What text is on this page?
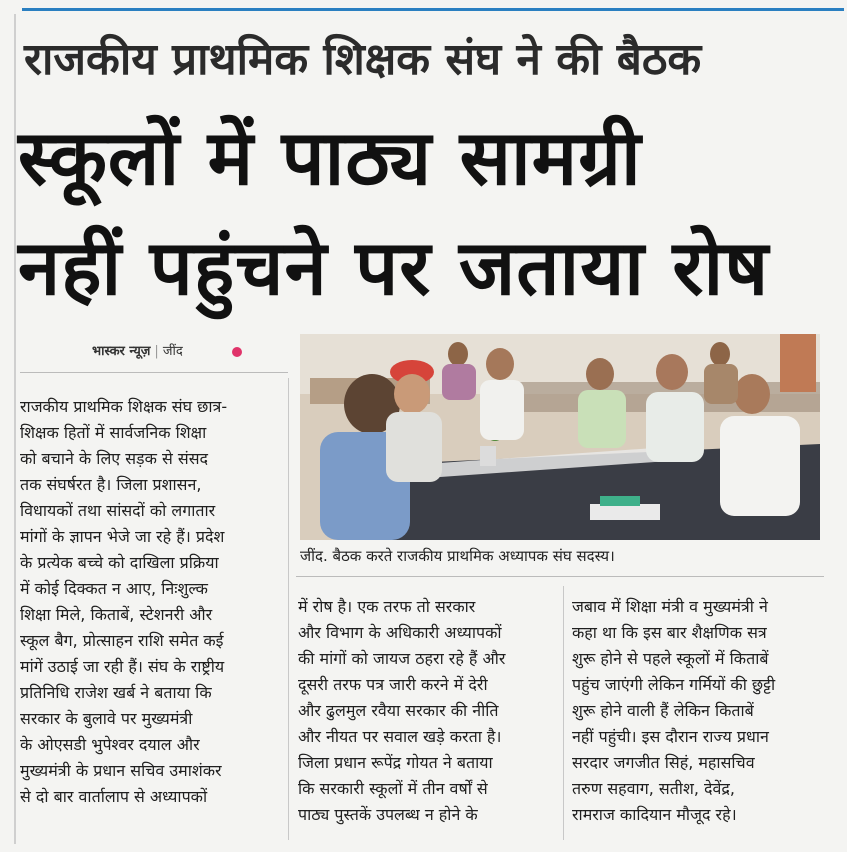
राजकीय प्राथमिक शिक्षक संघ ने की बैठक
स्कूलों में पाठ्य सामग्री
नहीं पहुंचने पर जताया रोष
भास्कर न्यूज़ | जींद
जींद. बैठक करते राजकीय प्राथमिक अध्यापक संघ सदस्य।
राजकीय प्राथमिक शिक्षक संघ छात्र-
शिक्षक हितों में सार्वजनिक शिक्षा
को बचाने के लिए सड़क से संसद
तक संघर्षरत है। जिला प्रशासन,
विधायकों तथा सांसदों को लगातार
मांगों के ज्ञापन भेजे जा रहे हैं। प्रदेश
के प्रत्येक बच्चे को दाखिला प्रक्रिया
में कोई दिक्कत न आए, निःशुल्क
शिक्षा मिले, किताबें, स्टेशनरी और
स्कूल बैग, प्रोत्साहन राशि समेत कई
मांगें उठाई जा रही हैं। संघ के राष्ट्रीय
प्रतिनिधि राजेश खर्ब ने बताया कि
सरकार के बुलावे पर मुख्यमंत्री
के ओएसडी भुपेश्वर दयाल और
मुख्यमंत्री के प्रधान सचिव उमाशंकर
से दो बार वार्तालाप से अध्यापकों
में रोष है। एक तरफ तो सरकार
और विभाग के अधिकारी अध्यापकों
की मांगों को जायज ठहरा रहे हैं और
दूसरी तरफ पत्र जारी करने में देरी
और ढुलमुल रवैया सरकार की नीति
और नीयत पर सवाल खड़े करता है।
जिला प्रधान रूपेंद्र गोयत ने बताया
कि सरकारी स्कूलों में तीन वर्षों से
पाठ्य पुस्तकें उपलब्ध न होने के
जबाव में शिक्षा मंत्री व मुख्यमंत्री ने
कहा था कि इस बार शैक्षणिक सत्र
शुरू होने से पहले स्कूलों में किताबें
पहुंच जाएंगी लेकिन गर्मियों की छुट्टी
शुरू होने वाली हैं लेकिन किताबें
नहीं पहुंची। इस दौरान राज्य प्रधान
सरदार जगजीत सिहं, महासचिव
तरुण सहवाग, सतीश, देवेंद्र,
रामराज कादियान मौजूद रहे।
